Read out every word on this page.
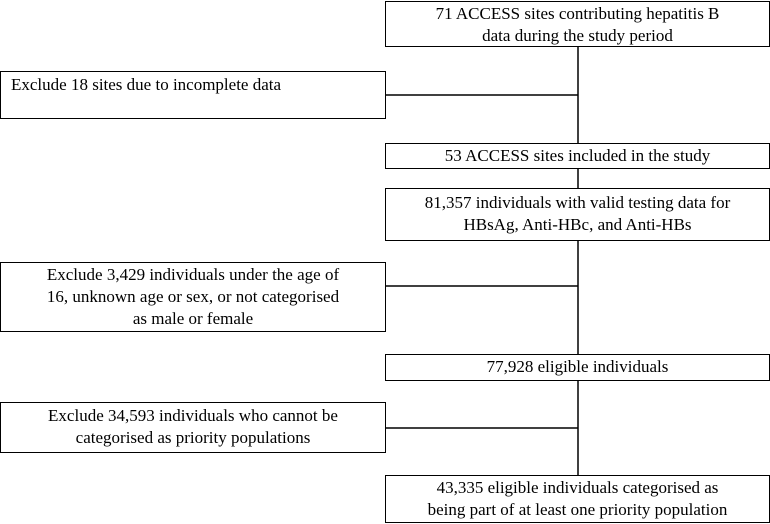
71 ACCESS sites contributing hepatitis B
data during the study period
Exclude 18 sites due to incomplete data
53 ACCESS sites included in the study
81,357 individuals with valid testing data for
HBsAg, Anti-HBc, and Anti-HBs
Exclude 3,429 individuals under the age of
16, unknown age or sex, or not categorised
as male or female
77,928 eligible individuals
Exclude 34,593 individuals who cannot be
categorised as priority populations
43,335 eligible individuals categorised as
being part of at least one priority population
